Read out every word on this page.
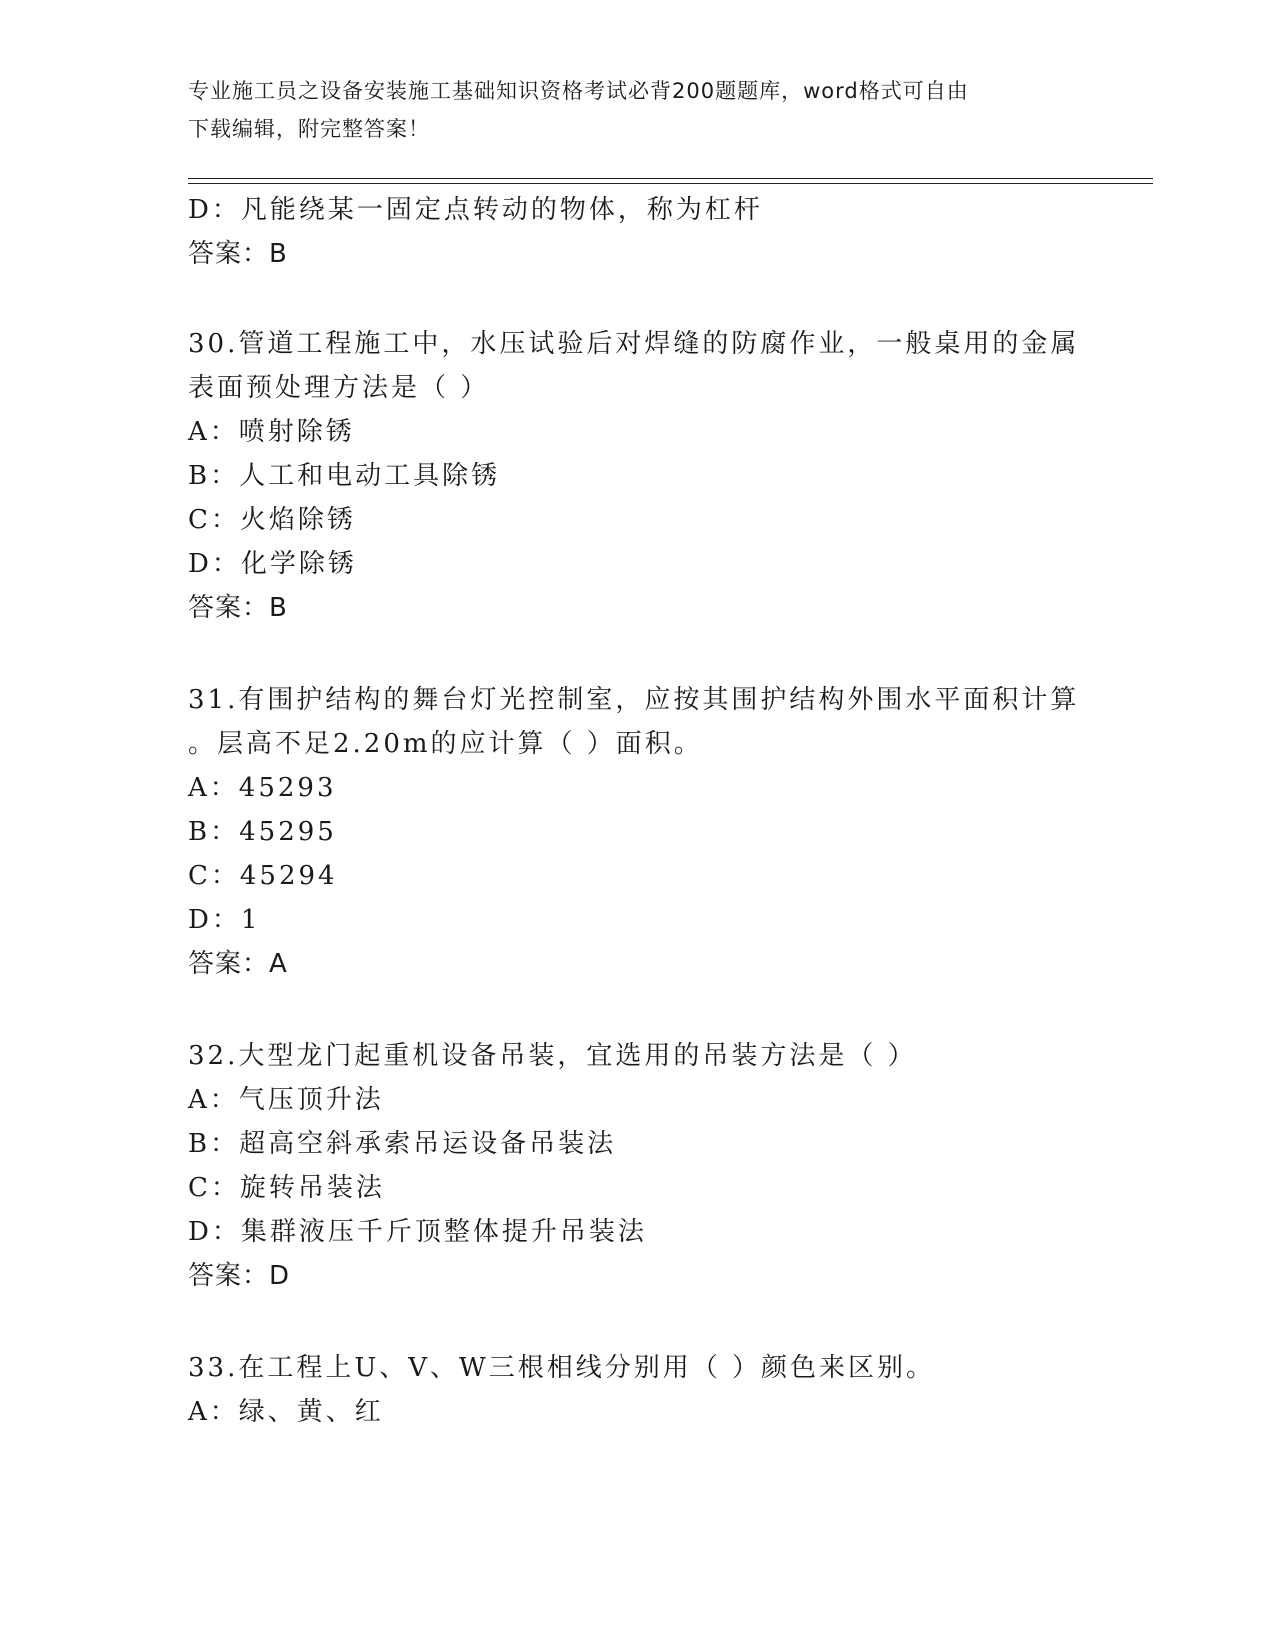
专业施工员之设备安装施工基础知识资格考试必背200题题库，word格式可自由
下载编辑，附完整答案！
D：凡能绕某一固定点转动的物体，称为杠杆
答案：B
30.管道工程施工中，水压试验后对焊缝的防腐作业，一般桌用的金属
表面预处理方法是（ ）
A：喷射除锈
B：人工和电动工具除锈
C：火焰除锈
D：化学除锈
答案：B
31.有围护结构的舞台灯光控制室，应按其围护结构外围水平面积计算
。层高不足2.20m的应计算（ ）面积。
A：45293
B：45295
C：45294
D：1
答案：A
32.大型龙门起重机设备吊装，宜选用的吊装方法是（ ）
A：气压顶升法
B：超高空斜承索吊运设备吊装法
C：旋转吊装法
D：集群液压千斤顶整体提升吊装法
答案：D
33.在工程上U、V、W三根相线分别用（ ）颜色来区别。
A：绿、黄、红
